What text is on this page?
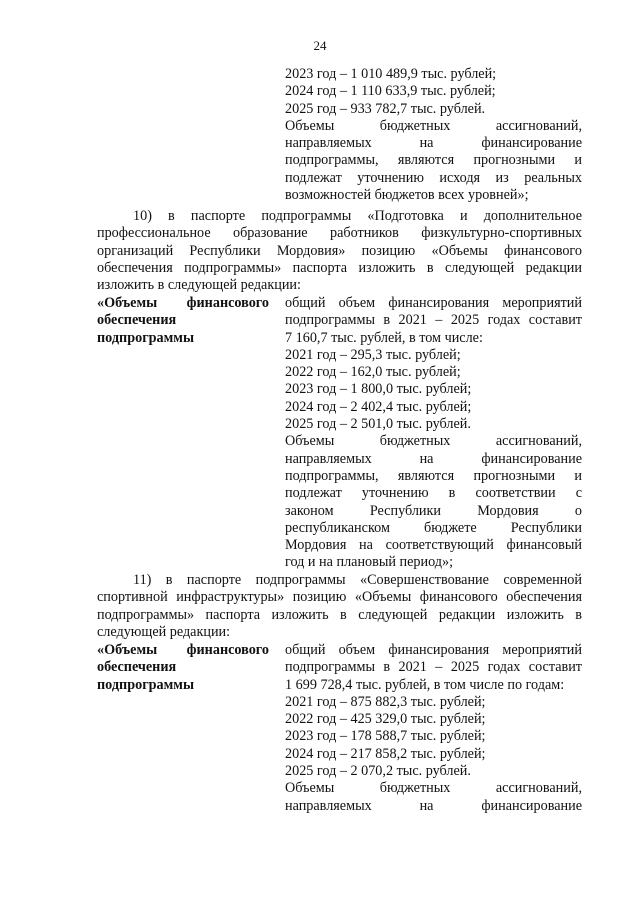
24
2023 год – 1 010 489,9 тыс. рублей;
2024 год – 1 110 633,9 тыс. рублей;
2025 год – 933 782,7 тыс. рублей.
Объемы бюджетных ассигнований,
направляемых на финансирование
подпрограммы, являются прогнозными и
подлежат уточнению исходя из реальных
возможностей бюджетов всех уровней»;
10) в паспорте подпрограммы «Подготовка и дополнительное
профессиональное образование работников физкультурно-спортивных
организаций Республики Мордовия» позицию «Объемы финансового
обеспечения подпрограммы» паспорта изложить в следующей редакции
изложить в следующей редакции:
«Объемы финансового
обеспечения
подпрограммы
общий объем финансирования мероприятий
подпрограммы в 2021 – 2025 годах составит
7 160,7 тыс. рублей, в том числе:
2021 год – 295,3 тыс. рублей;
2022 год – 162,0 тыс. рублей;
2023 год – 1 800,0 тыс. рублей;
2024 год – 2 402,4 тыс. рублей;
2025 год – 2 501,0 тыс. рублей.
Объемы бюджетных ассигнований,
направляемых на финансирование
подпрограммы, являются прогнозными и
подлежат уточнению в соответствии с
законом Республики Мордовия о
республиканском бюджете Республики
Мордовия на соответствующий финансовый
год и на плановый период»;
11) в паспорте подпрограммы «Совершенствование современной
спортивной инфраструктуры» позицию «Объемы финансового обеспечения
подпрограммы» паспорта изложить в следующей редакции изложить в
следующей редакции:
«Объемы финансового
обеспечения
подпрограммы
общий объем финансирования мероприятий
подпрограммы в 2021 – 2025 годах составит
1 699 728,4 тыс. рублей, в том числе по годам:
2021 год – 875 882,3 тыс. рублей;
2022 год – 425 329,0 тыс. рублей;
2023 год – 178 588,7 тыс. рублей;
2024 год – 217 858,2 тыс. рублей;
2025 год – 2 070,2 тыс. рублей.
Объемы бюджетных ассигнований,
направляемых на финансирование
